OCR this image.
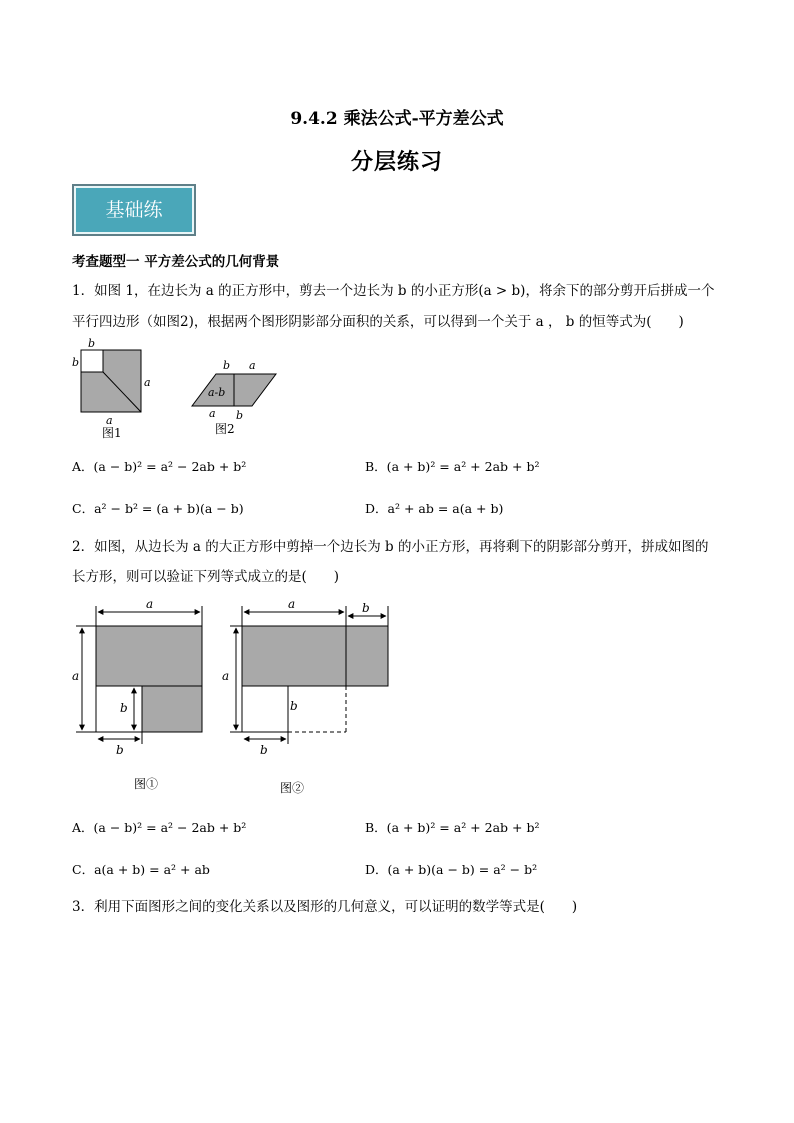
9.4.2 乘法公式-平方差公式
分层练习
基础练
考查题型一 平方差公式的几何背景
1．如图 1，在边长为 a 的正方形中，剪去一个边长为 b 的小正方形(a > b)，将余下的部分剪开后拼成一个
平行四边形（如图2)，根据两个图形阴影部分面积的关系，可以得到一个关于 a ， b 的恒等式为(　　)
b
b
a
a
图1
b a
a-b
a b
图2
A．(a − b)² = a² − 2ab + b²	B．(a + b)² = a² + 2ab + b²
C．a² − b² = (a + b)(a − b)	D．a² + ab = a(a + b)
2．如图，从边长为 a 的大正方形中剪掉一个边长为 b 的小正方形，再将剩下的阴影部分剪开，拼成如图的
长方形，则可以验证下列等式成立的是(　　)
a
a
b
b
图①
a	b
a
b
b
图②
A．(a − b)² = a² − 2ab + b²	B．(a + b)² = a² + 2ab + b²
C．a(a + b) = a² + ab	D．(a + b)(a − b) = a² − b²
3．利用下面图形之间的变化关系以及图形的几何意义，可以证明的数学等式是(　　)
